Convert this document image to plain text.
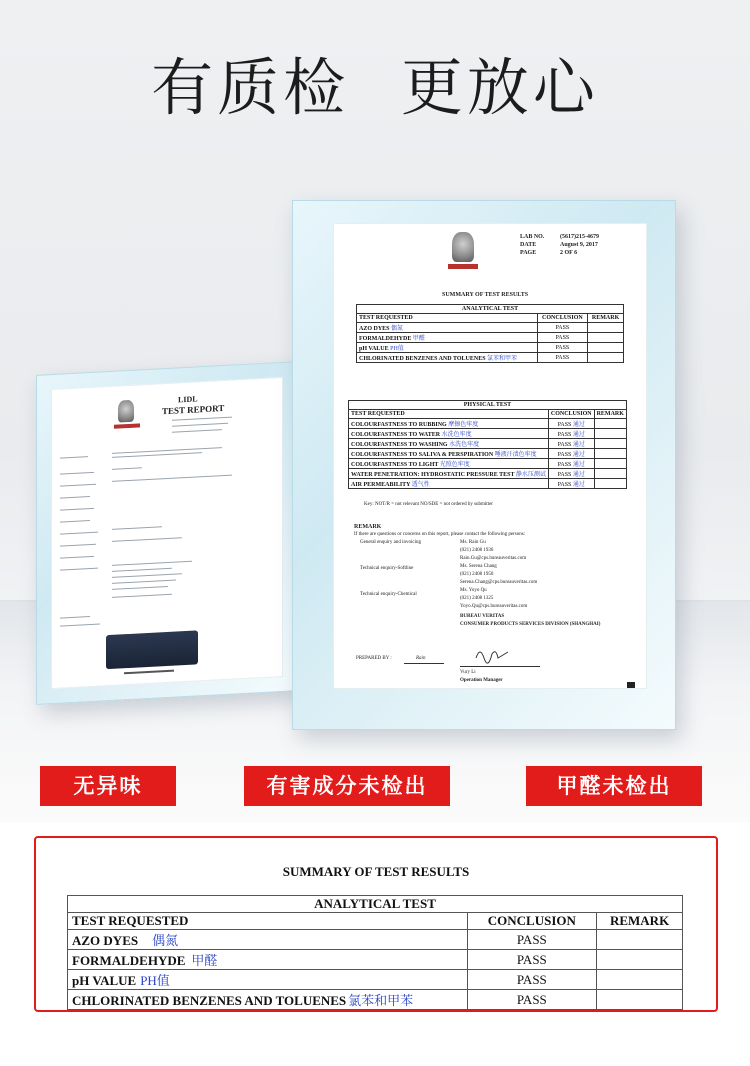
有质检 更放心
LIDL
TEST REPORT
LAB NO.	(5617)215-4679
DATE	August 9, 2017
PAGE	2 OF 6
SUMMARY OF TEST RESULTS
ANALYTICAL TEST		
TEST REQUESTED	CONCLUSION	REMARK
AZO DYES 偶氮	PASS	
FORMALDEHYDE 甲醛	PASS	
pH VALUE PH值	PASS	
CHLORINATED BENZENES AND TOLUENES 氯苯和甲苯	PASS	
PHYSICAL TEST		
TEST REQUESTED	CONCLUSION	REMARK
COLOURFASTNESS TO RUBBING 摩擦色牢度	PASS 通过	
COLOURFASTNESS TO WATER 水洗色牢度	PASS 通过	
COLOURFASTNESS TO WASHING 水洗色牢度	PASS 通过	
COLOURFASTNESS TO SALIVA & PERSPIRATION 唾液汗渍色牢度	PASS 通过	
COLOURFASTNESS TO LIGHT 光照色牢度	PASS 通过	
WATER PENETRATION: HYDROSTATIC PRESSURE TEST 静水压测试	PASS 通过	
AIR PERMEABILITY 透气性	PASS 通过	
Key: NOT/R = not relevant NO/SDE = not ordered by submitter
REMARK
If there are questions or concerns on this report, please contact the following persons:
General enquiry and invoicing	Ms. Rain Gu
(021) 2408 1936
Rain.Gu@cps.bureauveritas.com
Technical enquiry-Softline	Ms. Serena Chang
(021) 2408 1950
Serena.Chang@cps.bureauveritas.com
Technical enquiry-Chemical
Ms. Yoyo Qu
(021) 2408 1325
Yoyo.Qu@cps.bureauveritas.com
BUREAU VERITAS
CONSUMER PRODUCTS SERVICES DIVISION (SHANGHAI)
PREPARED BY :	Rain
Vury Li
Operation Manager
无异味	有害成分未检出	甲醛未检出
SUMMARY OF TEST RESULTS
ANALYTICAL TEST		
TEST REQUESTED	CONCLUSION	REMARK
AZO DYES 偶氮	PASS	
FORMALDEHYDE 甲醛	PASS	
pH VALUE PH值	PASS	
CHLORINATED BENZENES AND TOLUENES 氯苯和甲苯	PASS	
